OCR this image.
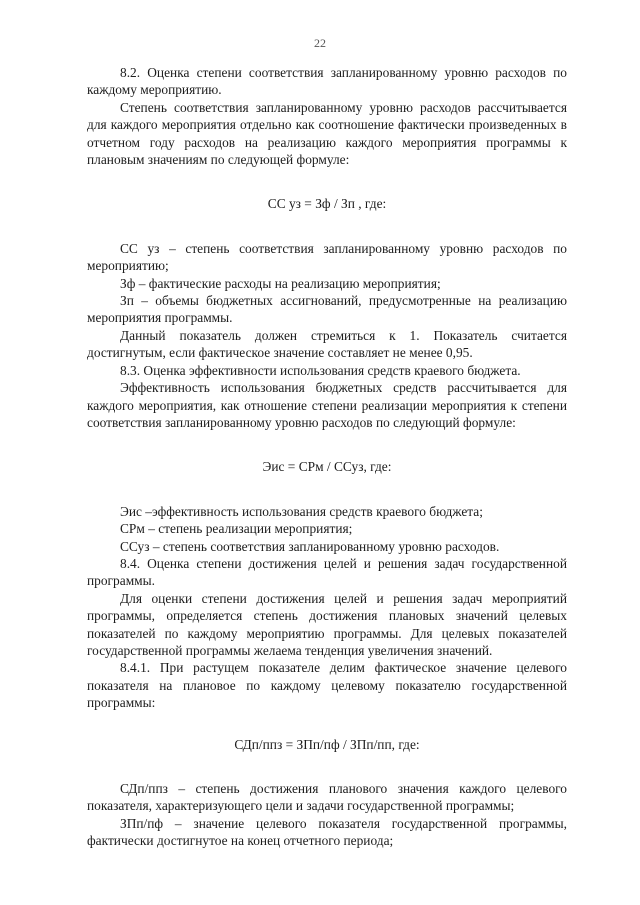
22

8.2. Оценка степени соответствия запланированному уровню расходов по каждому мероприятию.

Степень соответствия запланированному уровню расходов рассчитывается для каждого мероприятия отдельно как соотношение фактически произведенных в отчетном году расходов на реализацию каждого мероприятия программы к плановым значениям по следующей формуле:

СС уз = Зф / Зп , где:

СС уз – степень соответствия запланированному уровню расходов по мероприятию;

Зф – фактические расходы на реализацию мероприятия;

Зп – объемы бюджетных ассигнований, предусмотренные на реализацию мероприятия программы.

Данный показатель должен стремиться к 1. Показатель считается достигнутым, если фактическое значение составляет не менее 0,95.

8.3. Оценка эффективности использования средств краевого бюджета.

Эффективность использования бюджетных средств рассчитывается для каждого мероприятия, как отношение степени реализации мероприятия к степени соответствия запланированному уровню расходов по следующий формуле:

Эис = СРм / ССуз, где:

Эис –эффективность использования средств краевого бюджета;

СРм – степень реализации мероприятия;

ССуз – степень соответствия запланированному уровню расходов.

8.4. Оценка степени достижения целей и решения задач государственной программы.

Для оценки степени достижения целей и решения задач мероприятий программы, определяется степень достижения плановых значений целевых показателей по каждому мероприятию программы. Для целевых показателей государственной программы желаема тенденция увеличения значений.

8.4.1. При растущем показателе делим фактическое значение целевого показателя на плановое по каждому целевому показателю государственной программы:

СДп/ппз = ЗПп/пф / ЗПп/пп, где:

СДп/ппз – степень достижения планового значения каждого целевого показателя, характеризующего цели и задачи государственной программы;

ЗПп/пф – значение целевого показателя государственной программы, фактически достигнутое на конец отчетного периода;
